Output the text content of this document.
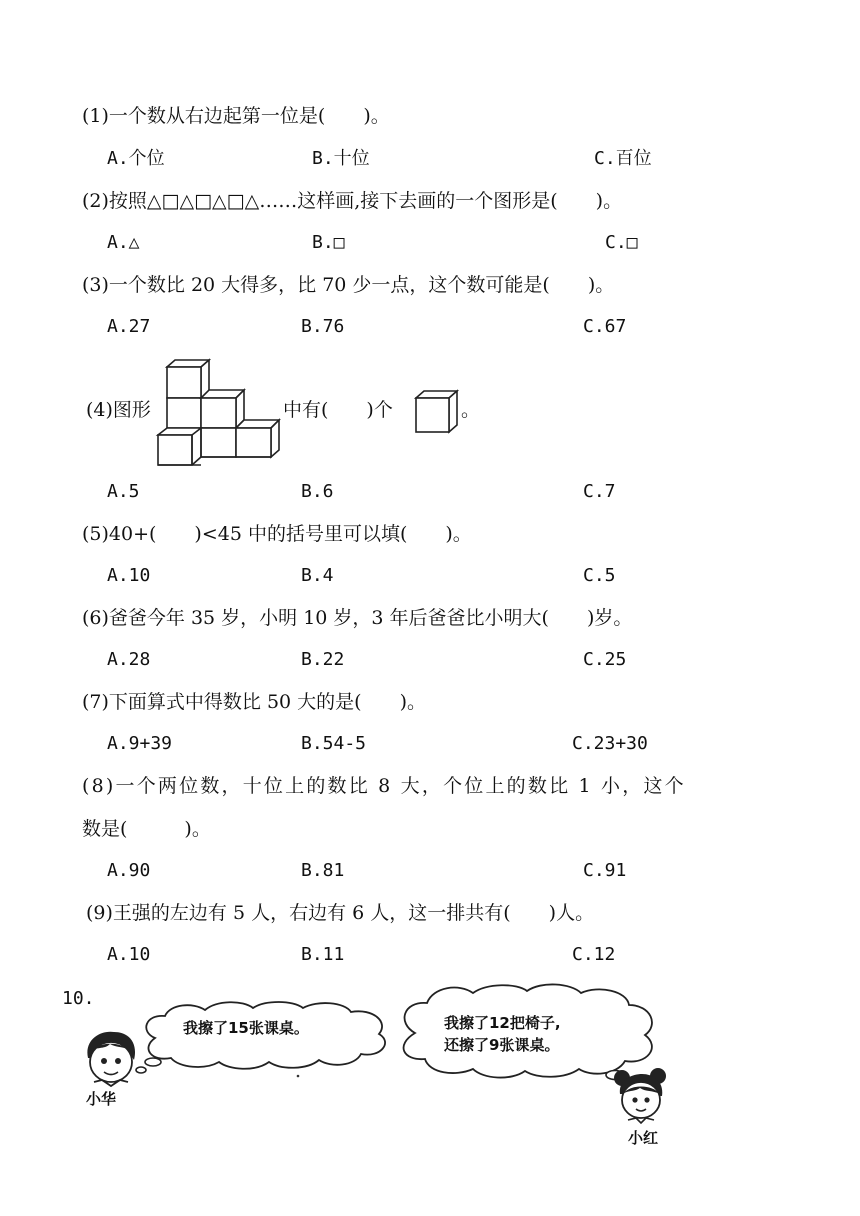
(1)一个数从右边起第一位是(　　)。
A.个位	B.十位	C.百位
(2)按照△□△□△□△……这样画,接下去画的一个图形是(　　)。
A.△	B.□	C.□
(3)一个数比 20 大得多，比 70 少一点，这个数可能是(　　)。
A.27	B.76	C.67
(4)图形	中有(　　)个	。
A.5	B.6	C.7
(5)40+(　　)<45 中的括号里可以填(　　)。
A.10	B.4	C.5
(6)爸爸今年 35 岁，小明 10 岁，3 年后爸爸比小明大(　　)岁。
A.28	B.22	C.25
(7)下面算式中得数比 50 大的是(　　)。
A.9+39	B.54-5	C.23+30
(8)一个两位数，十位上的数比 8 大，个位上的数比 1 小，这个
数是(　　　)。
A.90	B.81	C.91
(9)王强的左边有 5 人，右边有 6 人，这一排共有(　　)人。
A.10	B.11	C.12
10.
我擦了15张课桌。	我擦了12把椅子,
还擦了9张课桌。
小华
小红
